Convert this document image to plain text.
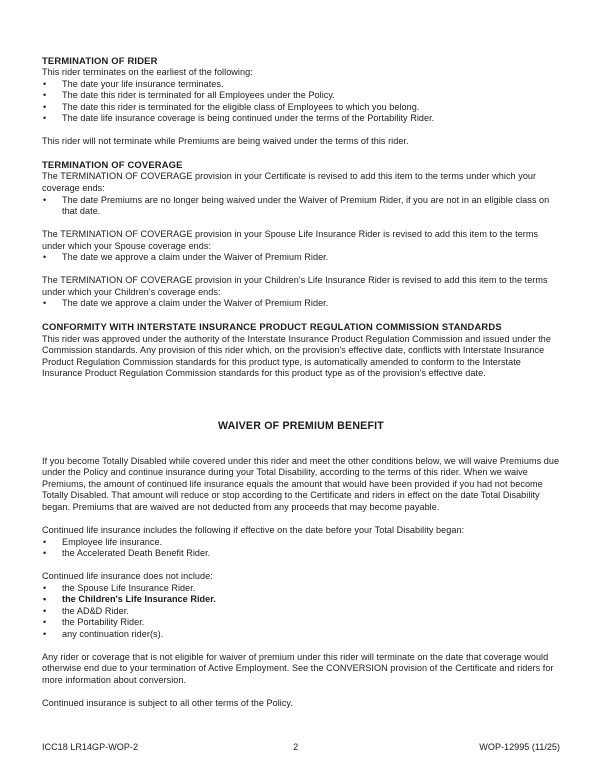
TERMINATION OF RIDER

This rider terminates on the earliest of the following:

• The date your life insurance terminates.
• The date this rider is terminated for all Employees under the Policy.
• The date this rider is terminated for the eligible class of Employees to which you belong.
• The date life insurance coverage is being continued under the terms of the Portability Rider.

This rider will not terminate while Premiums are being waived under the terms of this rider.

TERMINATION OF COVERAGE

The TERMINATION OF COVERAGE provision in your Certificate is revised to add this item to the terms under which your coverage ends:

• The date Premiums are no longer being waived under the Waiver of Premium Rider, if you are not in an eligible class on that date.

The TERMINATION OF COVERAGE provision in your Spouse Life Insurance Rider is revised to add this item to the terms under which your Spouse coverage ends:

• The date we approve a claim under the Waiver of Premium Rider.

The TERMINATION OF COVERAGE provision in your Children's Life Insurance Rider is revised to add this item to the terms under which your Children's coverage ends:

• The date we approve a claim under the Waiver of Premium Rider.
CONFORMITY WITH INTERSTATE INSURANCE PRODUCT REGULATION COMMISSION STANDARDS

This rider was approved under the authority of the Interstate Insurance Product Regulation Commission and issued under the Commission standards. Any provision of this rider which, on the provision's effective date, conflicts with Interstate Insurance Product Regulation Commission standards for this product type, is automatically amended to conform to the Interstate Insurance Product Regulation Commission standards for this product type as of the provision's effective date.

WAIVER OF PREMIUM BENEFIT

If you become Totally Disabled while covered under this rider and meet the other conditions below, we will waive Premiums due under the Policy and continue insurance during your Total Disability, according to the terms of this rider. When we waive Premiums, the amount of continued life insurance equals the amount that would have been provided if you had not become Totally Disabled. That amount will reduce or stop according to the Certificate and riders in effect on the date Total Disability began. Premiums that are waived are not deducted from any proceeds that may become payable.

Continued life insurance includes the following if effective on the date before your Total Disability began:

• Employee life insurance.
• the Accelerated Death Benefit Rider.

Continued life insurance does not include:

• the Spouse Life Insurance Rider.
• the Children's Life Insurance Rider.
• the AD&D Rider.
• the Portability Rider.
• any continuation rider(s).

Any rider or coverage that is not eligible for waiver of premium under this rider will terminate on the date that coverage would otherwise end due to your termination of Active Employment. See the CONVERSION provision of the Certificate and riders for more information about conversion.

Continued insurance is subject to all other terms of the Policy.

ICC18 LR14GP-WOP-2	2	WOP-12995 (11/25)
